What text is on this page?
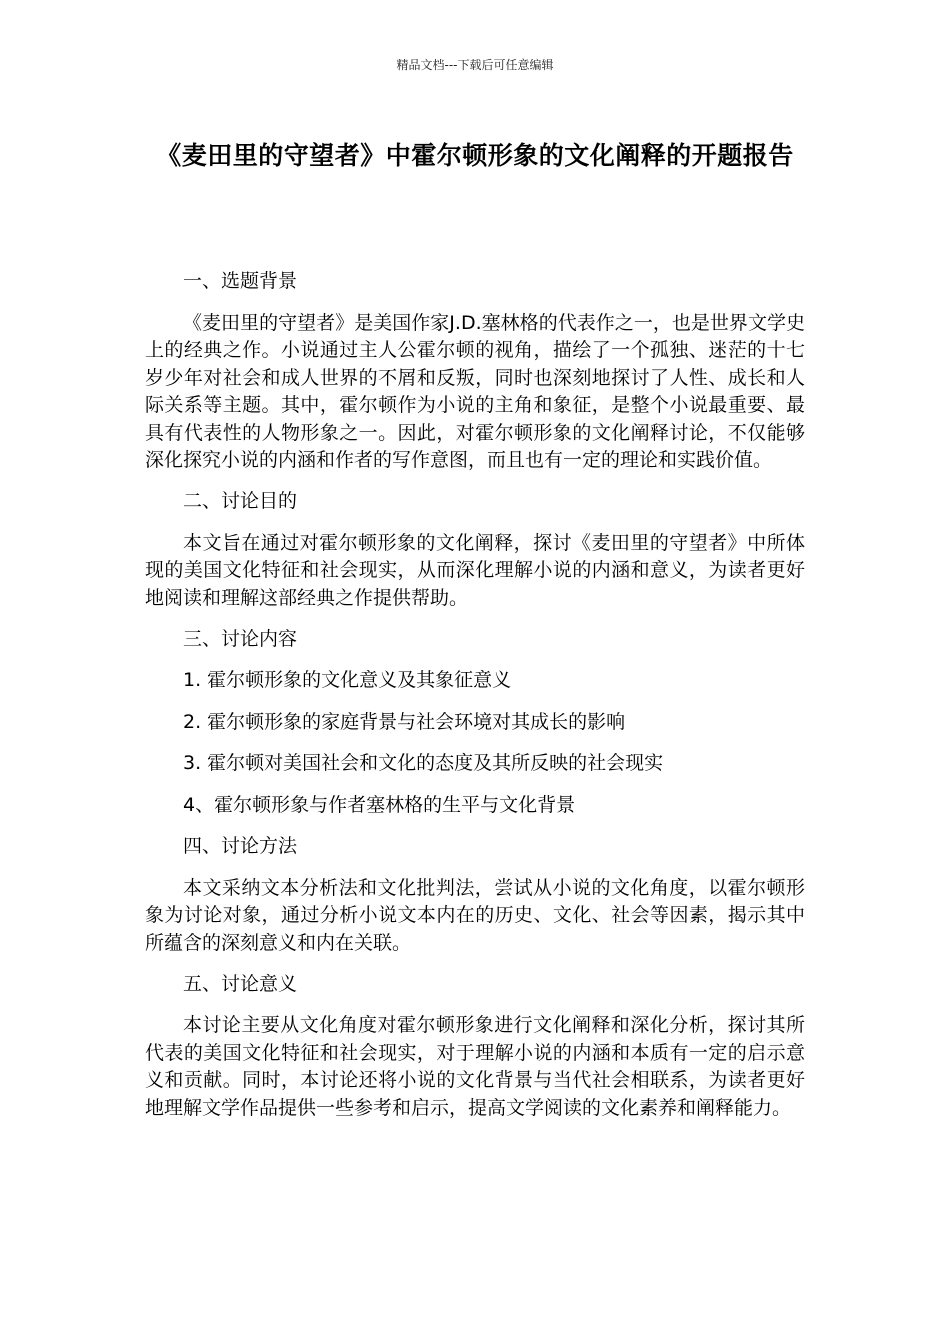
精品文档---下载后可任意编辑
《麦田里的守望者》中霍尔顿形象的文化阐释的开题报告

一、选题背景

《麦田里的守望者》是美国作家J.D.塞林格的代表作之一，也是世界文学史上的经典之作。小说通过主人公霍尔顿的视角，描绘了一个孤独、迷茫的十七岁少年对社会和成人世界的不屑和反叛，同时也深刻地探讨了人性、成长和人际关系等主题。其中，霍尔顿作为小说的主角和象征，是整个小说最重要、最具有代表性的人物形象之一。因此，对霍尔顿形象的文化阐释讨论，不仅能够深化探究小说的内涵和作者的写作意图，而且也有一定的理论和实践价值。

二、讨论目的

本文旨在通过对霍尔顿形象的文化阐释，探讨《麦田里的守望者》中所体现的美国文化特征和社会现实，从而深化理解小说的内涵和意义，为读者更好地阅读和理解这部经典之作提供帮助。

三、讨论内容

1. 霍尔顿形象的文化意义及其象征意义

2. 霍尔顿形象的家庭背景与社会环境对其成长的影响

3. 霍尔顿对美国社会和文化的态度及其所反映的社会现实

4、霍尔顿形象与作者塞林格的生平与文化背景

四、讨论方法

本文采纳文本分析法和文化批判法，尝试从小说的文化角度，以霍尔顿形象为讨论对象，通过分析小说文本内在的历史、文化、社会等因素，揭示其中所蕴含的深刻意义和内在关联。

五、讨论意义

本讨论主要从文化角度对霍尔顿形象进行文化阐释和深化分析，探讨其所代表的美国文化特征和社会现实，对于理解小说的内涵和本质有一定的启示意义和贡献。同时，本讨论还将小说的文化背景与当代社会相联系，为读者更好地理解文学作品提供一些参考和启示，提高文学阅读的文化素养和阐释能力。
